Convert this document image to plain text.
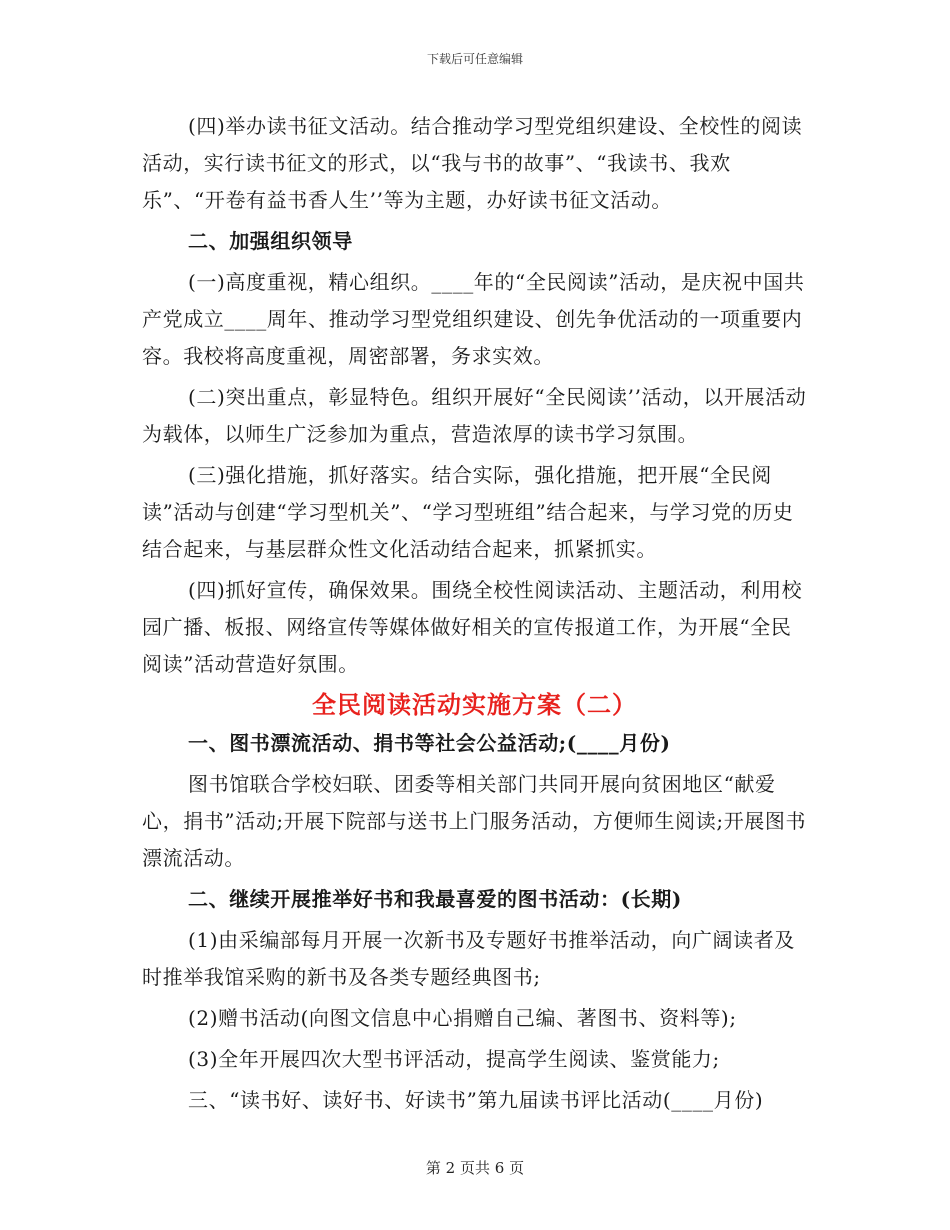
下载后可任意编辑

(四)举办读书征文活动。结合推动学习型党组织建设、全校性的阅读活动，实行读书征文的形式，以“我与书的故事”、“我读书、我欢乐”、“开卷有益书香人生’’等为主题，办好读书征文活动。

二、加强组织领导

(一)高度重视，精心组织。____年的“全民阅读”活动，是庆祝中国共产党成立____周年、推动学习型党组织建设、创先争优活动的一项重要内容。我校将高度重视，周密部署，务求实效。

(二)突出重点，彰显特色。组织开展好“全民阅读’’活动，以开展活动为载体，以师生广泛参加为重点，营造浓厚的读书学习氛围。

(三)强化措施，抓好落实。结合实际，强化措施，把开展“全民阅读”活动与创建“学习型机关”、“学习型班组”结合起来，与学习党的历史结合起来，与基层群众性文化活动结合起来，抓紧抓实。

(四)抓好宣传，确保效果。围绕全校性阅读活动、主题活动，利用校园广播、板报、网络宣传等媒体做好相关的宣传报道工作，为开展“全民阅读”活动营造好氛围。

全民阅读活动实施方案（二）

一、图书漂流活动、捐书等社会公益活动;(____月份)

图书馆联合学校妇联、团委等相关部门共同开展向贫困地区“献爱心，捐书”活动;开展下院部与送书上门服务活动，方便师生阅读;开展图书漂流活动。

二、继续开展推举好书和我最喜爱的图书活动：(长期)

(1)由采编部每月开展一次新书及专题好书推举活动，向广阔读者及时推举我馆采购的新书及各类专题经典图书;

(2)赠书活动(向图文信息中心捐赠自己编、著图书、资料等);

(3)全年开展四次大型书评活动，提高学生阅读、鉴赏能力;

三、“读书好、读好书、好读书”第九届读书评比活动(____月份)

第 2 页共 6 页
